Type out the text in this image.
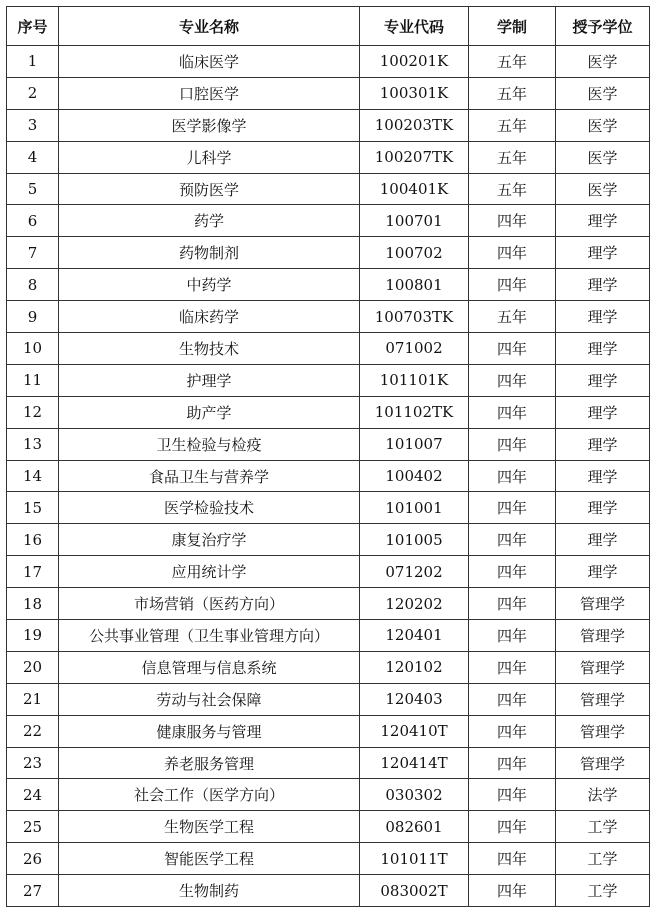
序号	专业名称	专业代码	学制	授予学位
1	临床医学	100201K	五年	医学
2	口腔医学	100301K	五年	医学
3	医学影像学	100203TK	五年	医学
4	儿科学	100207TK	五年	医学
5	预防医学	100401K	五年	医学
6	药学	100701	四年	理学
7	药物制剂	100702	四年	理学
8	中药学	100801	四年	理学
9	临床药学	100703TK	五年	理学
10	生物技术	071002	四年	理学
11	护理学	101101K	四年	理学
12	助产学	101102TK	四年	理学
13	卫生检验与检疫	101007	四年	理学
14	食品卫生与营养学	100402	四年	理学
15	医学检验技术	101001	四年	理学
16	康复治疗学	101005	四年	理学
17	应用统计学	071202	四年	理学
18	市场营销（医药方向）	120202	四年	管理学
19	公共事业管理（卫生事业管理方向）	120401	四年	管理学
20	信息管理与信息系统	120102	四年	管理学
21	劳动与社会保障	120403	四年	管理学
22	健康服务与管理	120410T	四年	管理学
23	养老服务管理	120414T	四年	管理学
24	社会工作（医学方向）	030302	四年	法学
25	生物医学工程	082601	四年	工学
26	智能医学工程	101011T	四年	工学
27	生物制药	083002T	四年	工学
